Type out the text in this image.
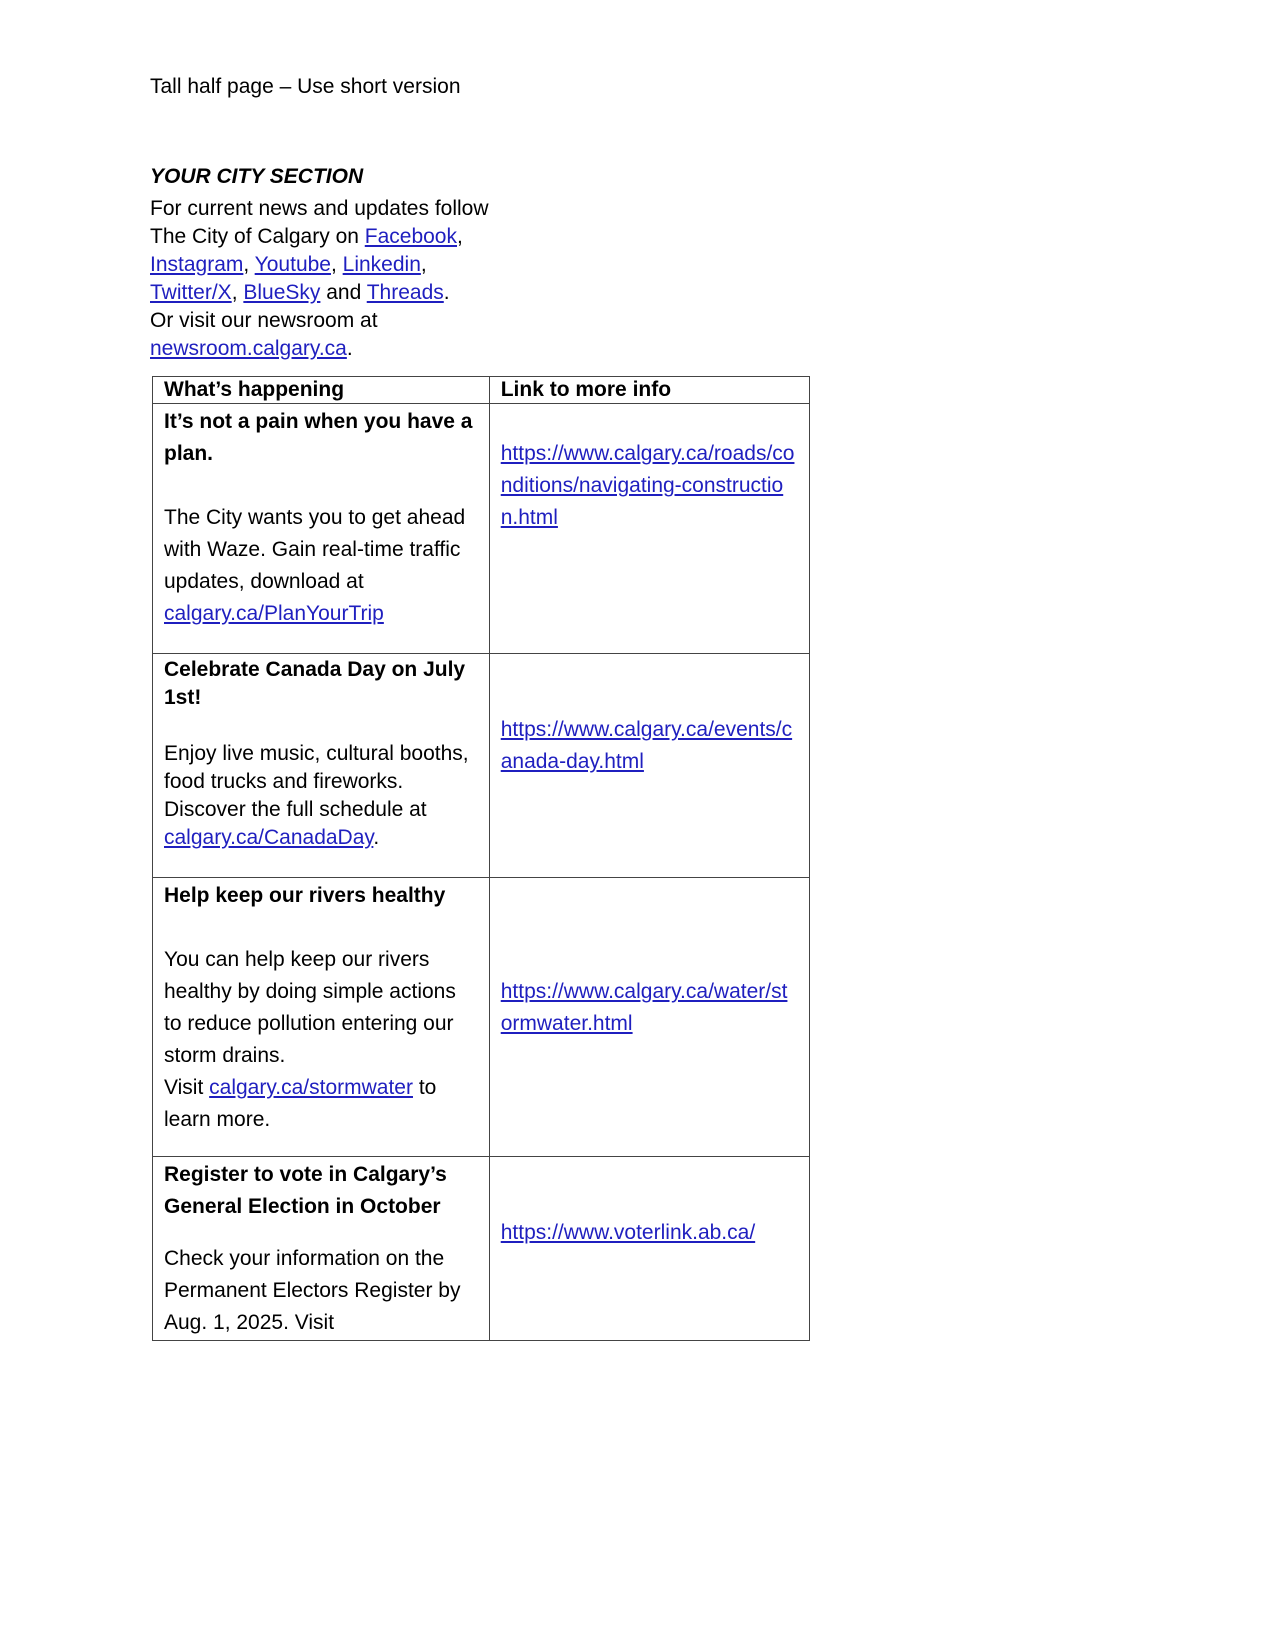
Tall half page – Use short version
YOUR CITY SECTION
For current news and updates follow The City of Calgary on Facebook, Instagram, Youtube, Linkedin, Twitter/X, BlueSky and Threads.
Or visit our newsroom at newsroom.calgary.ca.
What’s happening	Link to more info

It’s not a pain when you have a plan.
The City wants you to get ahead with Waze. Gain real-time traffic updates, download at calgary.ca/PlanYourTrip	https://www.calgary.ca/roads/conditions/navigating-construction.html

Celebrate Canada Day on July 1st!
Enjoy live music, cultural booths, food trucks and fireworks. Discover the full schedule at calgary.ca/CanadaDay.	https://www.calgary.ca/events/canada-day.html

Help keep our rivers healthy
You can help keep our rivers healthy by doing simple actions to reduce pollution entering our storm drains.
Visit calgary.ca/stormwater to learn more.	https://www.calgary.ca/water/stormwater.html

Register to vote in Calgary’s General Election in October
Check your information on the Permanent Electors Register by Aug. 1, 2025. Visit	https://www.voterlink.ab.ca/
